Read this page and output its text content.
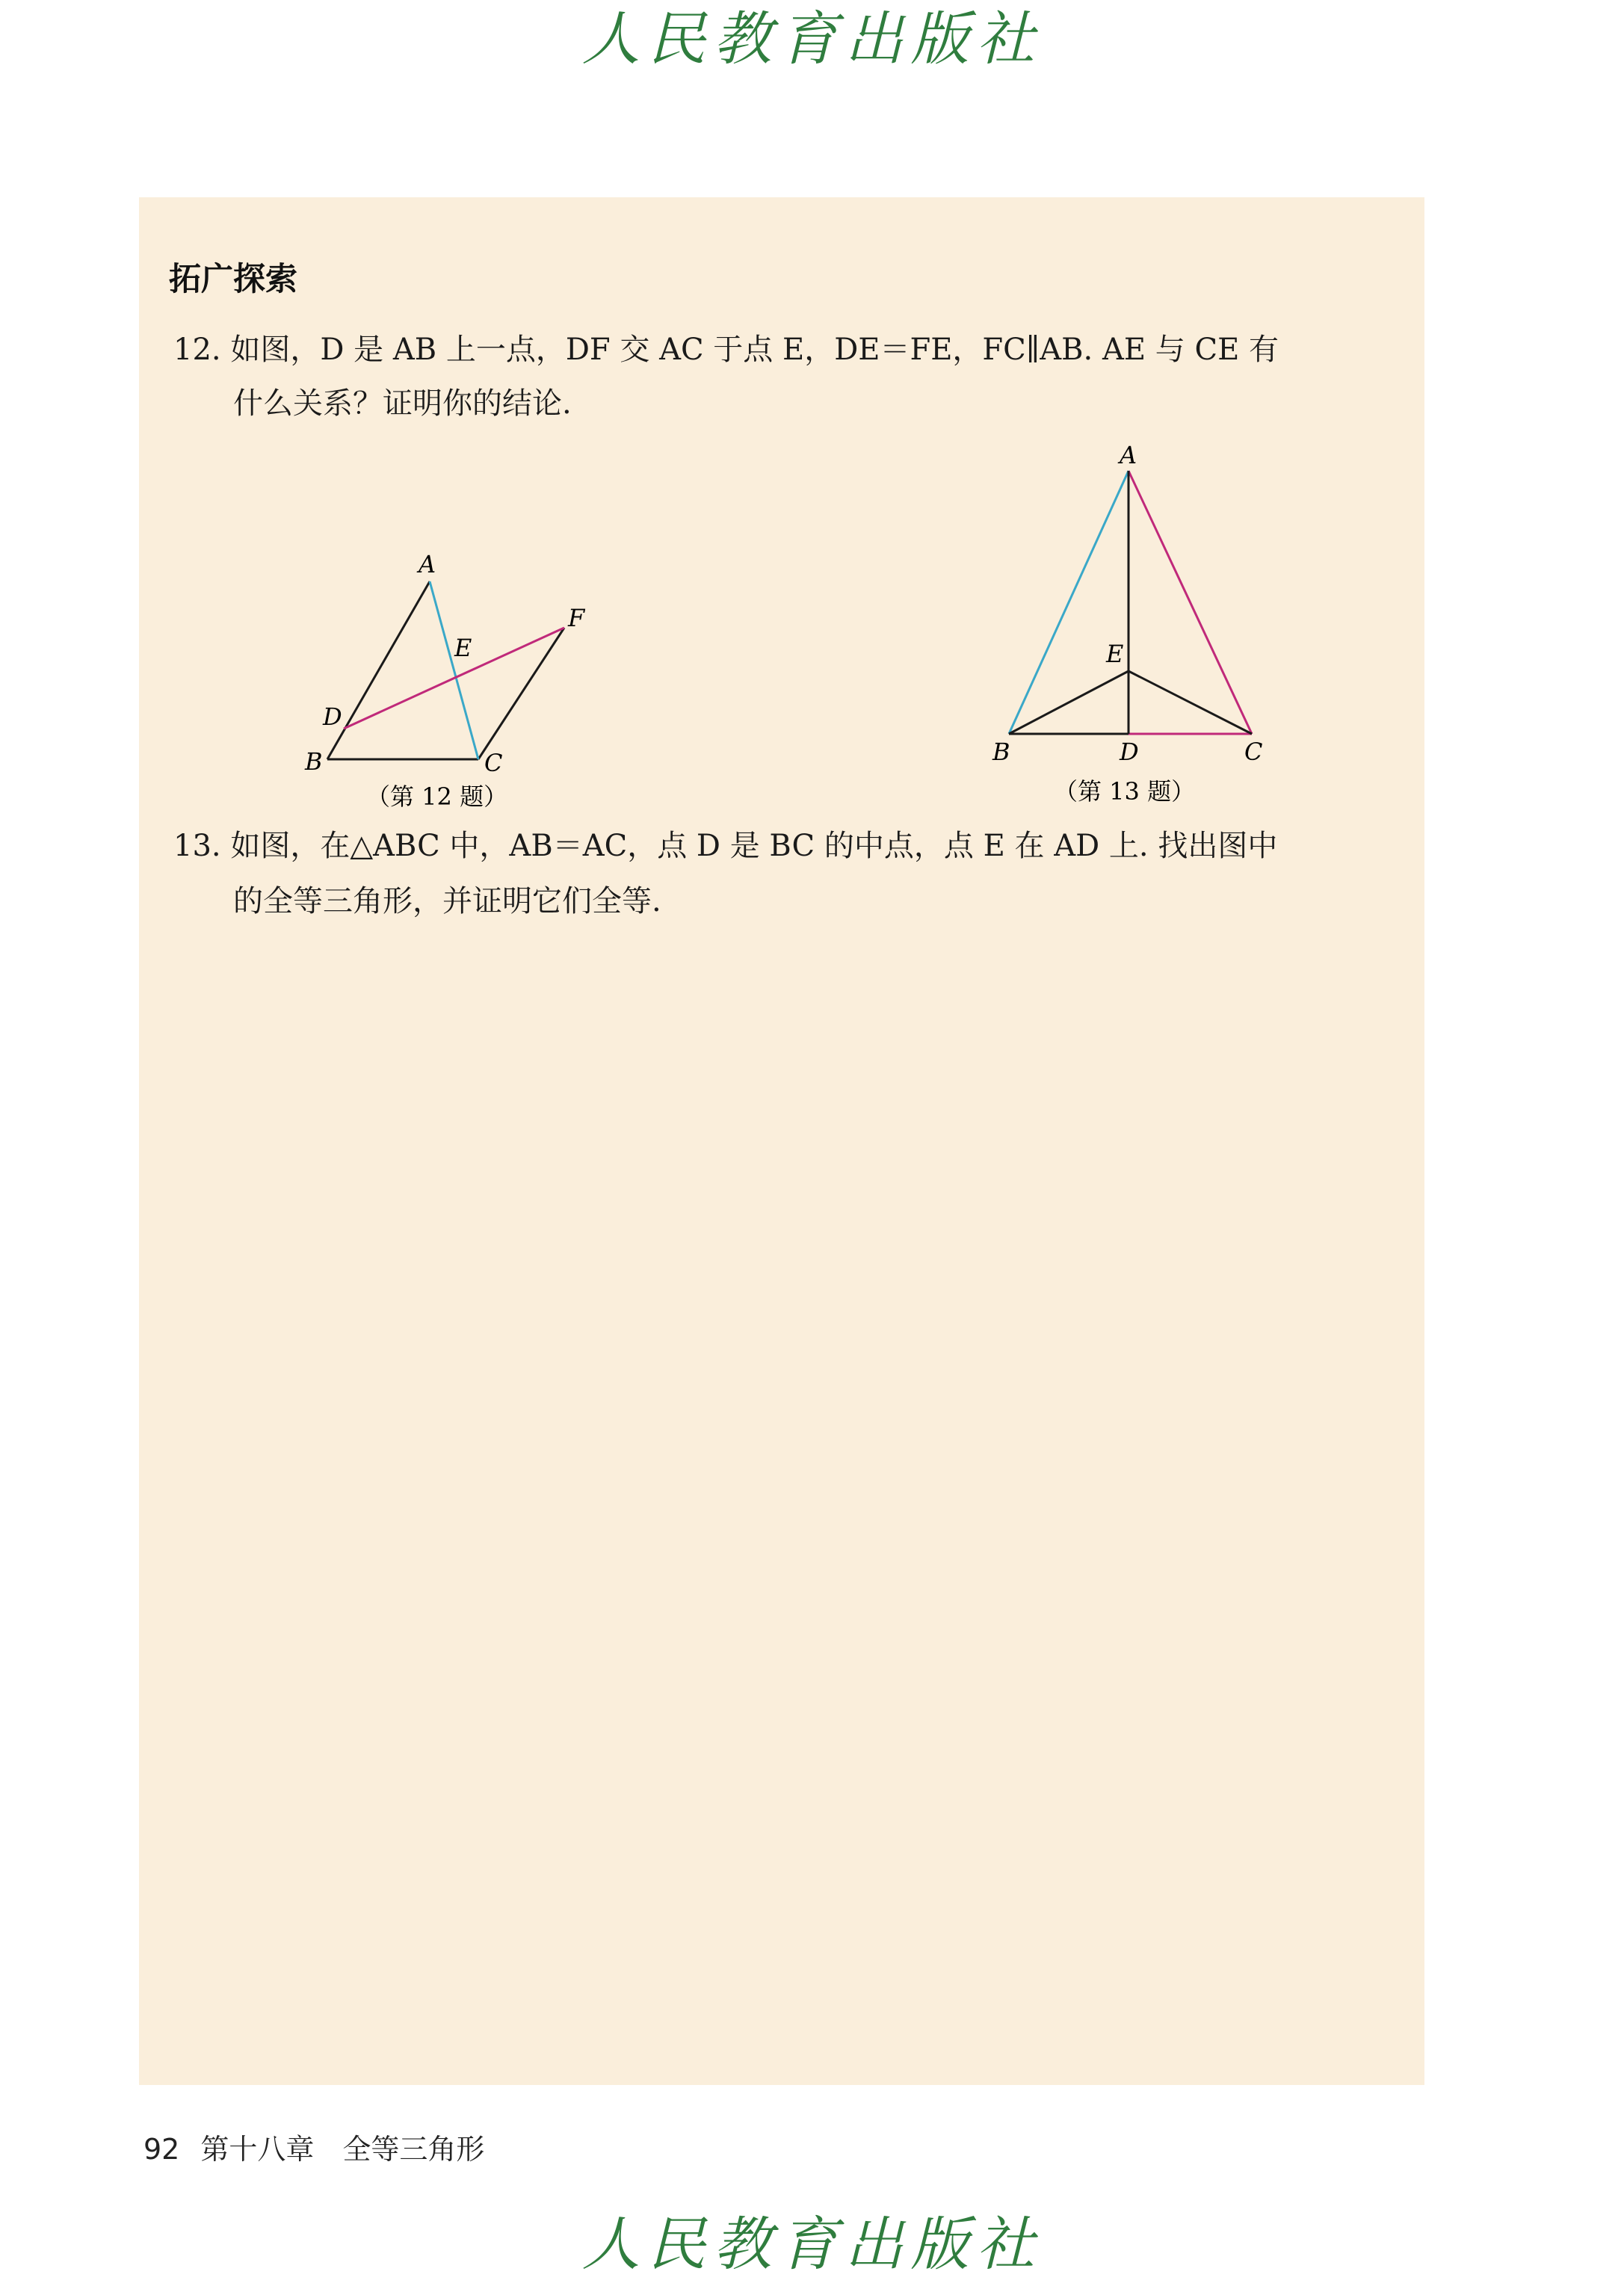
人民教育出版社
拓广探索
12. 如图，D 是 AB 上一点，DF 交 AC 于点 E，DE＝FE，FC∥AB. AE 与 CE 有
什么关系？证明你的结论.
A
B	C
D
E
F
（第 12 题）
A
B	C
D
E
（第 13 题）
13. 如图，在△ABC 中，AB＝AC，点 D 是 BC 的中点，点 E 在 AD 上. 找出图中
的全等三角形，并证明它们全等.
92 第十八章 全等三角形
人民教育出版社
